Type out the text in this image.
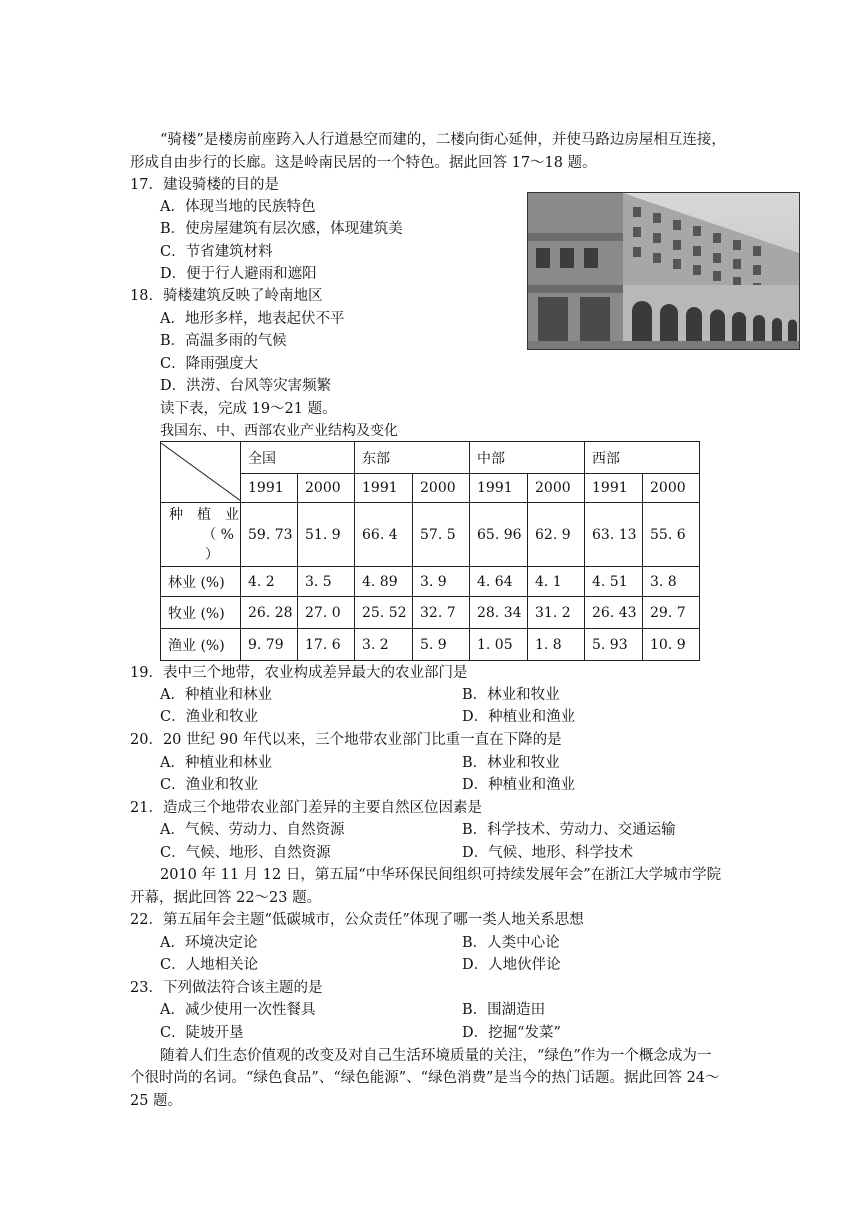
“骑楼”是楼房前座跨入人行道悬空而建的，二楼向街心延伸，并使马路边房屋相互连接，
形成自由步行的长廊。这是岭南民居的一个特色。据此回答 17～18 题。
17．建设骑楼的目的是
A．体现当地的民族特色
B．使房屋建筑有层次感，体现建筑美
C．节省建筑材料
D．便于行人避雨和遮阳
18．骑楼建筑反映了岭南地区
A．地形多样，地表起伏不平
B．高温多雨的气候
C．降雨强度大
D．洪涝、台风等灾害频繁
读下表，完成 19～21 题。
我国东、中、西部农业产业结构及变化
	全国		东部		中部		西部	
	1991	2000	1991	2000	1991	2000	1991	2000

种　植　业
（ %
）	59. 73	51. 9	66. 4	57. 5	65. 96	62. 9	63. 13	55. 6
林业 (%)	4. 2	3. 5	4. 89	3. 9	4. 64	4. 1	4. 51	3. 8
牧业 (%)	26. 28	27. 0	25. 52	32. 7	28. 34	31. 2	26. 43	29. 7
渔业 (%)	9. 79	17. 6	3. 2	5. 9	1. 05	1. 8	5. 93	10. 9
19．表中三个地带，农业构成差异最大的农业部门是
A．种植业和林业	B．林业和牧业
C．渔业和牧业	D．种植业和渔业
20．20 世纪 90 年代以来，三个地带农业部门比重一直在下降的是
A．种植业和林业	B．林业和牧业
C．渔业和牧业	D．种植业和渔业
21．造成三个地带农业部门差异的主要自然区位因素是
A．气候、劳动力、自然资源	B．科学技术、劳动力、交通运输
C．气候、地形、自然资源	D．气候、地形、科学技术
2010 年 11 月 12 日，第五届“中华环保民间组织可持续发展年会”在浙江大学城市学院
开幕，据此回答 22～23 题。
22．第五届年会主题“低碳城市，公众责任”体现了哪一类人地关系思想
A．环境决定论	B．人类中心论
C．人地相关论	D．人地伙伴论
23．下列做法符合该主题的是
A．减少使用一次性餐具	B．围湖造田
C．陡坡开垦	D．挖掘“发菜”
随着人们生态价值观的改变及对自己生活环境质量的关注，“绿色”作为一个概念成为一
个很时尚的名词。“绿色食品”、“绿色能源”、“绿色消费”是当今的热门话题。据此回答 24～
25 题。
